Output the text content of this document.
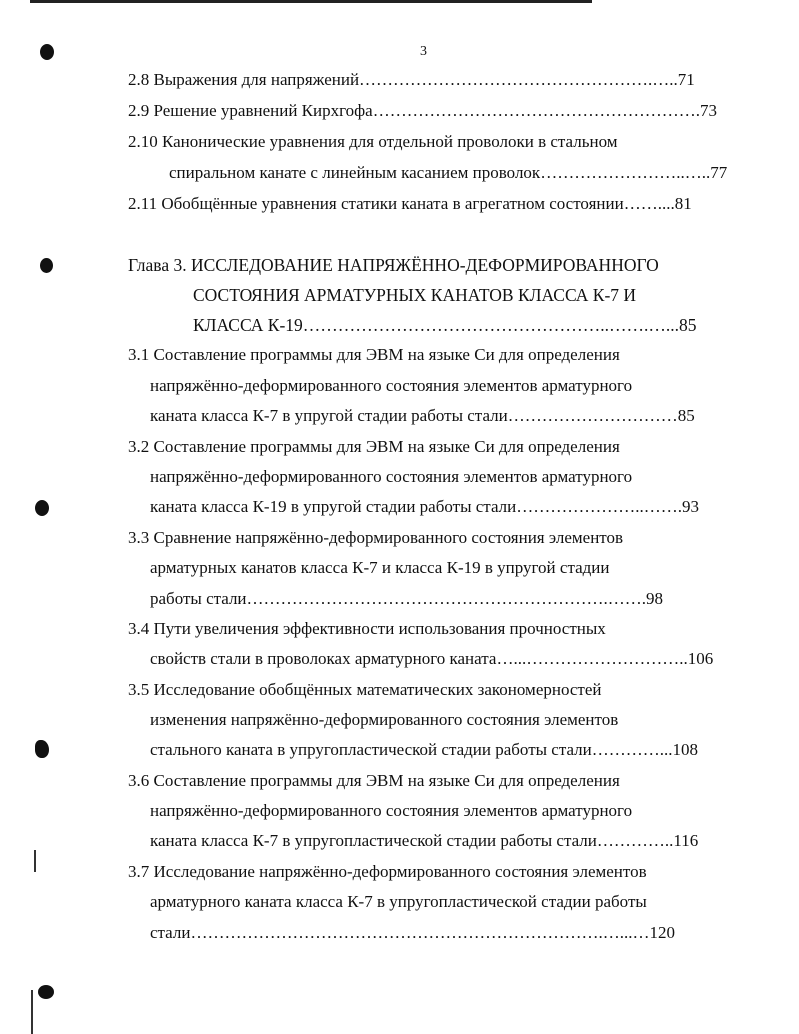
3
2.8 Выражения для напряжений…………………………………………….…..71
2.9 Решение уравнений Кирхгофа………………………………………………….73
2.10 Канонические уравнения для отдельной проволоки в стальном
спиральном канате с линейным касанием проволок……………………..…..77
2.11 Обобщённые уравнения статики каната в агрегатном состоянии……....81
Глава 3. ИССЛЕДОВАНИЕ НАПРЯЖЁННО-ДЕФОРМИРОВАННОГО
СОСТОЯНИЯ АРМАТУРНЫХ КАНАТОВ КЛАССА К-7 И
КЛАССА К-19……………………………………………..…….…...85
3.1 Составление программы для ЭВМ на языке Си для определения
напряжённо-деформированного состояния элементов арматурного
каната класса К-7 в упругой стадии работы стали…………………………85
3.2 Составление программы для ЭВМ на языке Си для определения
напряжённо-деформированного состояния элементов арматурного
каната класса К-19 в упругой стадии работы стали…………………..…….93
3.3 Сравнение напряжённо-деформированного состояния элементов
арматурных канатов класса К-7 и класса К-19 в упругой стадии
работы стали……………………………………………………….…….98
3.4 Пути увеличения эффективности использования прочностных
свойств стали в проволоках арматурного каната…...………………………..106
3.5 Исследование обобщённых математических закономерностей
изменения напряжённо-деформированного состояния элементов
стального каната в упругопластической стадии работы стали…………...108
3.6 Составление программы для ЭВМ на языке Си для определения
напряжённо-деформированного состояния элементов арматурного
каната класса К-7 в упругопластической стадии работы стали…………..116
3.7 Исследование напряжённо-деформированного состояния элементов
арматурного каната класса К-7 в упругопластической стадии работы
стали……………………………………………………………….…...…120
